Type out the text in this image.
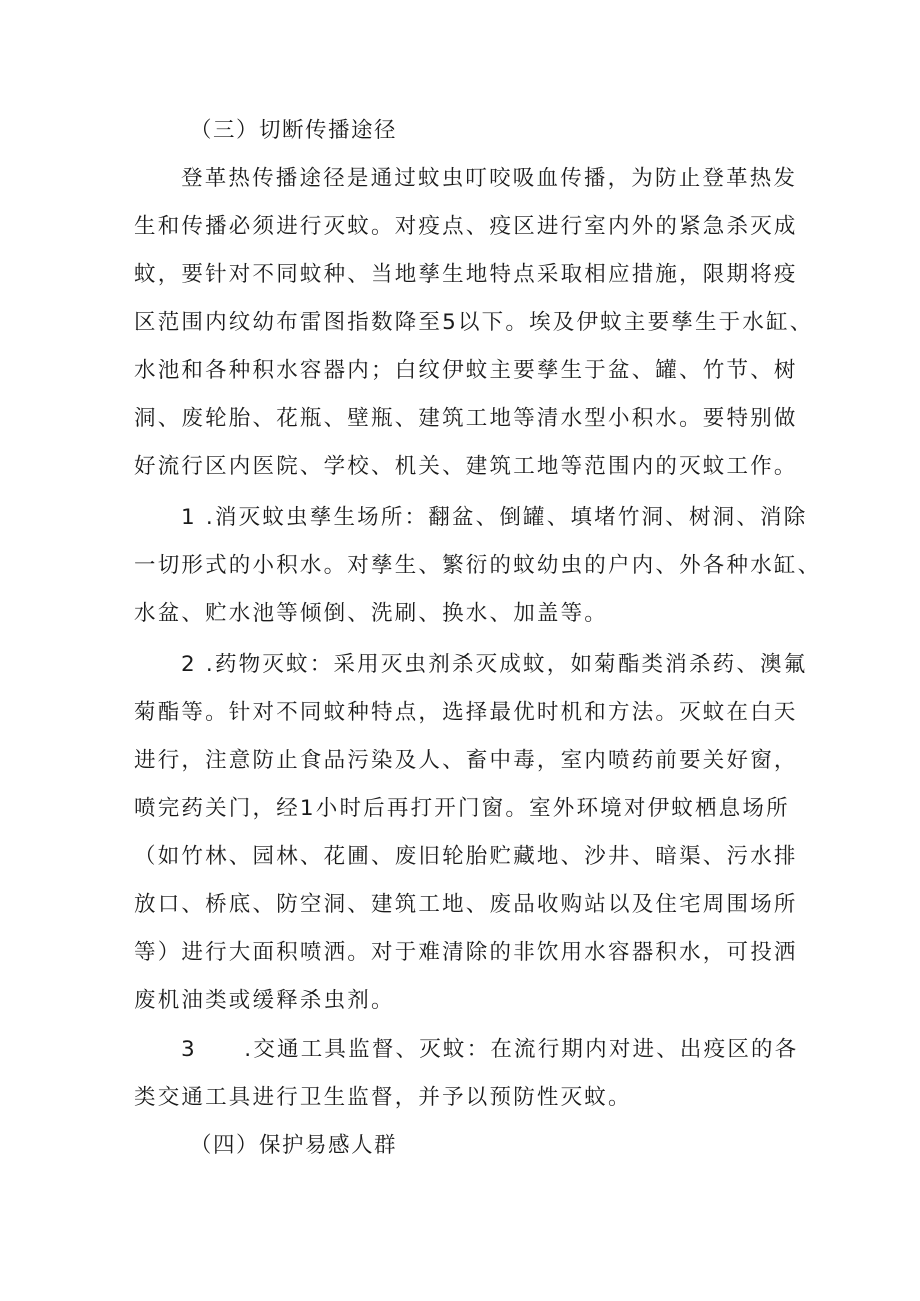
（三）切断传播途径
登革热传播途径是通过蚊虫叮咬吸血传播，为防止登革热发
生和传播必须进行灭蚊。对疫点、疫区进行室内外的紧急杀灭成
蚊，要针对不同蚊种、当地孳生地特点采取相应措施，限期将疫
区范围内纹幼布雷图指数降至5以下。埃及伊蚊主要孳生于水缸、
水池和各种积水容器内；白纹伊蚊主要孳生于盆、罐、竹节、树
洞、废轮胎、花瓶、壁瓶、建筑工地等清水型小积水。要特别做
好流行区内医院、学校、机关、建筑工地等范围内的灭蚊工作。
1 .消灭蚊虫孳生场所：翻盆、倒罐、填堵竹洞、树洞、消除
一切形式的小积水。对孳生、繁衍的蚊幼虫的户内、外各种水缸、
水盆、贮水池等倾倒、洗刷、换水、加盖等。
2 .药物灭蚊：采用灭虫剂杀灭成蚊，如菊酯类消杀药、澳氟
菊酯等。针对不同蚊种特点，选择最优时机和方法。灭蚊在白天
进行，注意防止食品污染及人、畜中毒，室内喷药前要关好窗，
喷完药关门，经1小时后再打开门窗。室外环境对伊蚊栖息场所
（如竹林、园林、花圃、废旧轮胎贮藏地、沙井、暗渠、污水排
放口、桥底、防空洞、建筑工地、废品收购站以及住宅周围场所
等）进行大面积喷洒。对于难清除的非饮用水容器积水，可投洒
废机油类或缓释杀虫剂。
3　　.交通工具监督、灭蚊：在流行期内对进、出疫区的各
类交通工具进行卫生监督，并予以预防性灭蚊。
（四）保护易感人群
